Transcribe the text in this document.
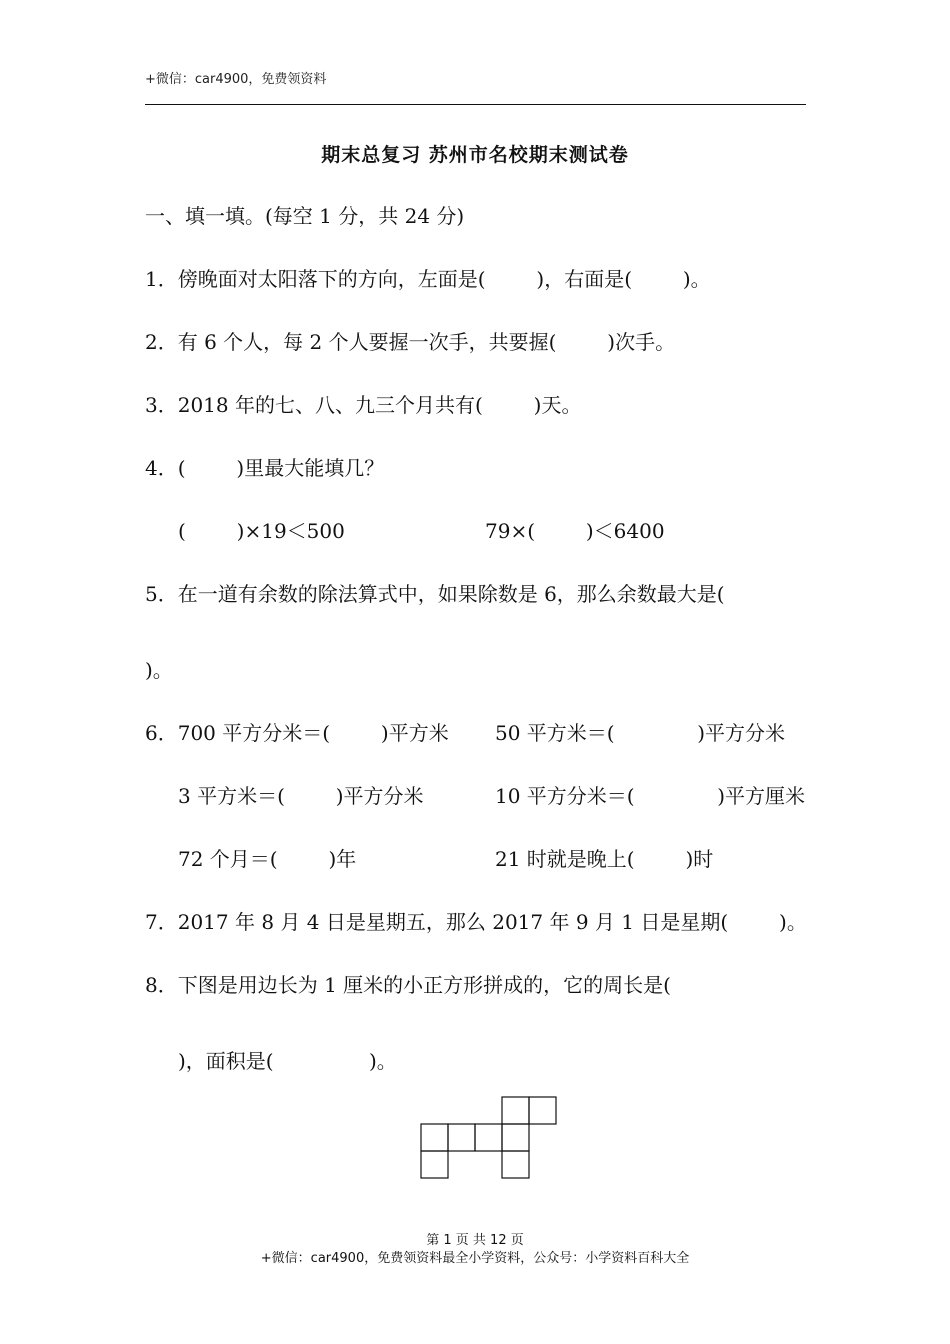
+微信：car4900，免费领资料
期末总复习 苏州市名校期末测试卷
一、填一填。(每空 1 分，共 24 分)
1．傍晚面对太阳落下的方向，左面是(        )，右面是(        )。
2．有 6 个人，每 2 个人要握一次手，共要握(        )次手。
3．2018 年的七、八、九三个月共有(        )天。
4．(        )里最大能填几？
(        )×19＜500	79×(        )＜6400
5．在一道有余数的除法算式中，如果除数是 6，那么余数最大是(
)。
6．700 平方分米＝(        )平方米 50 平方米＝(             )平方分米
3 平方米＝(        )平方分米	10 平方分米＝(             )平方厘米
72 个月＝(        )年	21 时就是晚上(        )时
7．2017 年 8 月 4 日是星期五，那么 2017 年 9 月 1 日是星期(        )。
8．下图是用边长为 1 厘米的小正方形拼成的，它的周长是(
)，面积是(               )。
第 1 页 共 12 页
+微信：car4900，免费领资料最全小学资料，公众号：小学资料百科大全
